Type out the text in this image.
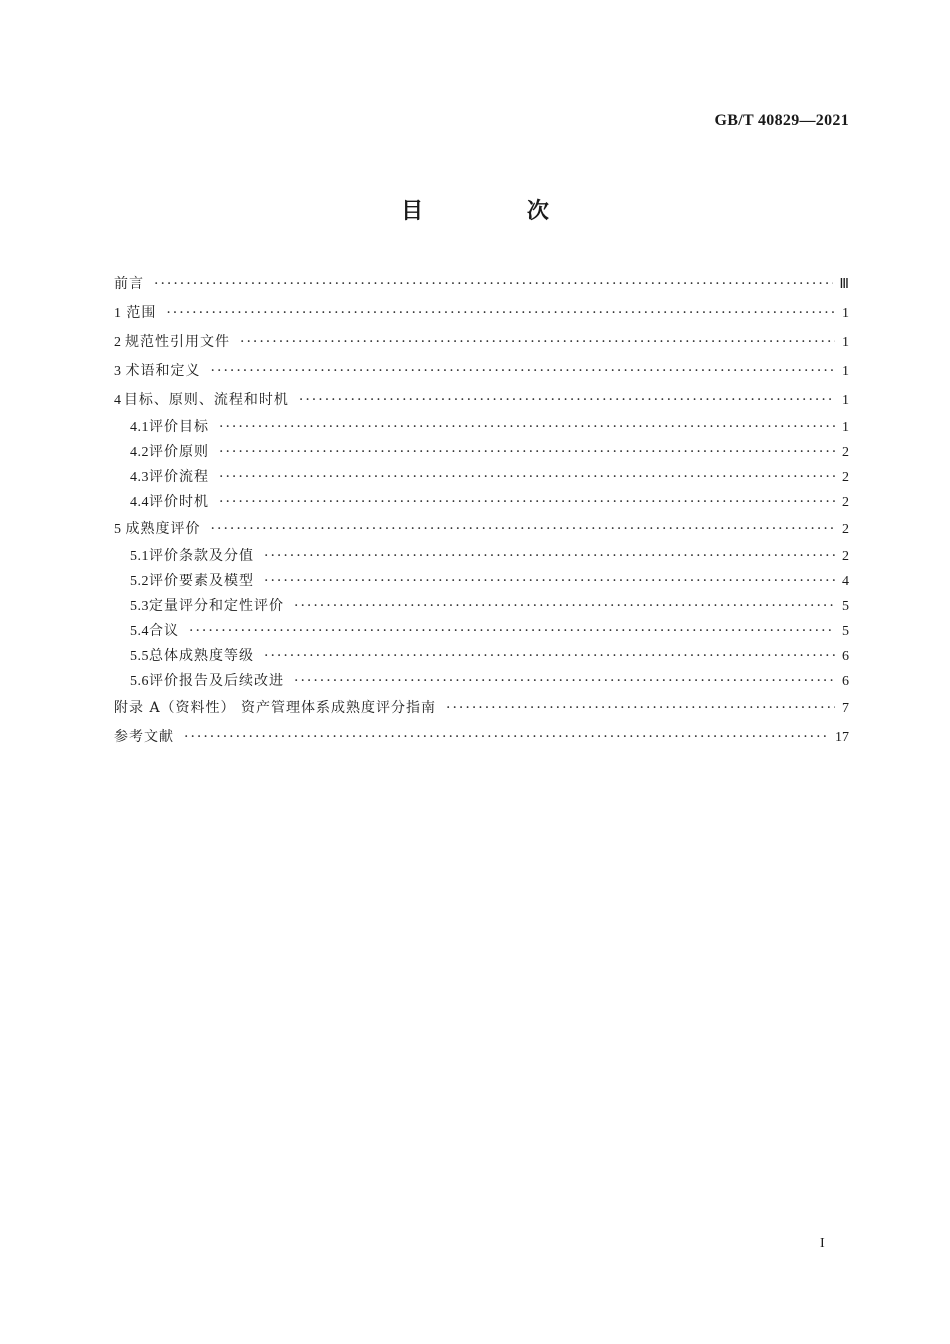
GB/T 40829—2021
目 次
前言 ·····	Ⅲ
1 范围 ·····	1
2 规范性引用文件 ·····	1
3 术语和定义 ·····	1
4 目标、原则、流程和时机 ·····	1
4.1 评价目标 ·····	1
4.2 评价原则 ·····	2
4.3 评价流程 ·····	2
4.4 评价时机 ·····	2
5 成熟度评价 ·····	2
5.1 评价条款及分值 ·····	2
5.2 评价要素及模型 ·····	4
5.3 定量评分和定性评价 ·····	5
5.4 合议 ·····	5
5.5 总体成熟度等级 ·····	6
5.6 评价报告及后续改进 ·····	6
附录 A（资料性） 资产管理体系成熟度评分指南 ·····	7
参考文献 ·····	17
I
